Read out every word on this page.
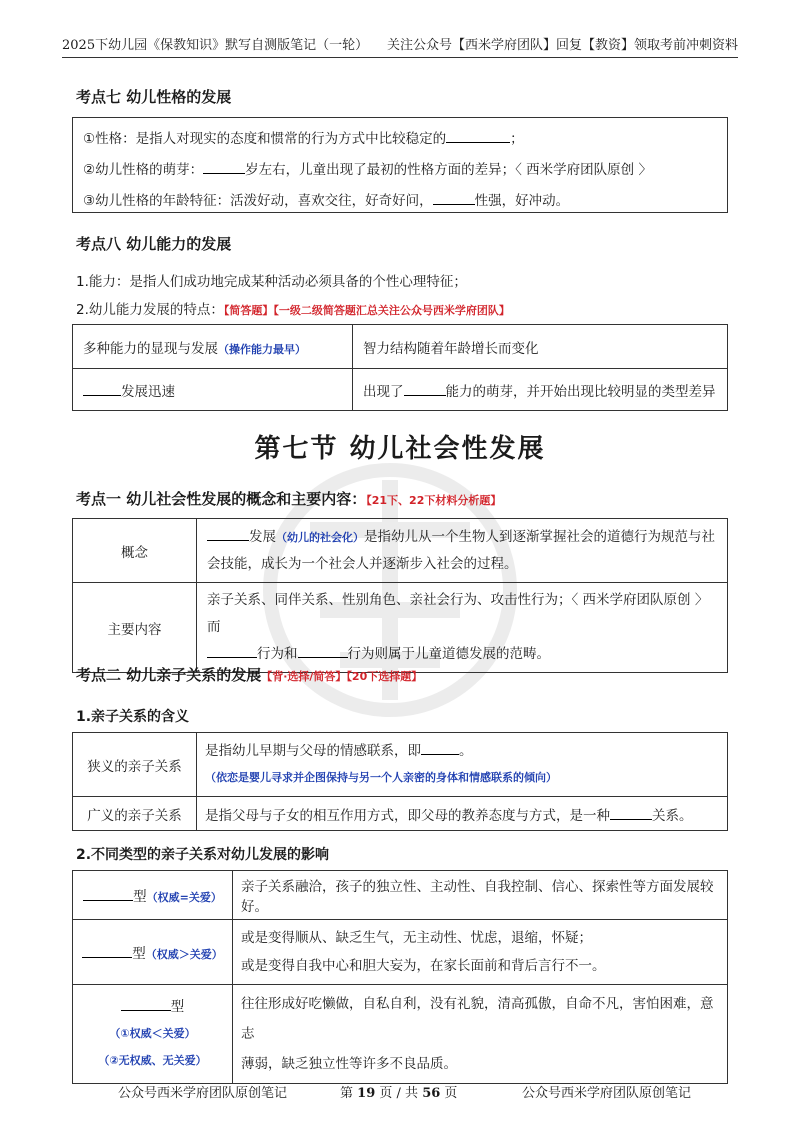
2025下幼儿园《保教知识》默写自测版笔记（一轮） 关注公众号【西米学府团队】回复【教资】领取考前冲刺资料
考点七 幼儿性格的发展

①性格：是指人对现实的态度和惯常的行为方式中比较稳定的	；

②幼儿性格的萌芽：	岁左右，儿童出现了最初的性格方面的差异；〈 西米学府团队原创 〉

③幼儿性格的年龄特征：活泼好动，喜欢交往，好奇好问，	性强，好冲动。

考点八 幼儿能力的发展
1.能力：是指人们成功地完成某种活动必须具备的个性心理特征；
2.幼儿能力发展的特点：【简答题】【一级二级简答题汇总关注公众号西米学府团队】
多种能力的显现与发展（操作能力最早）	智力结构随着年龄增长而变化
发展迅速	出现了 能力的萌芽，并开始出现比较明显的类型差异
第七节 幼儿社会性发展
考点一 幼儿社会性发展的概念和主要内容：【21下、22下材料分析题】
概念	发展（幼儿的社会化）是指幼儿从一个生物人到逐渐掌握社会的道德行为规范与社
会技能，成长为一个社会人并逐渐步入社会的过程。
主要内容	亲子关系、同伴关系、性别角色、亲社会行为、攻击性行为；〈 西米学府团队原创 〉而
行为和 行为则属于儿童道德发展的范畴。
考点二 幼儿亲子关系的发展【背·选择/简答】【20下选择题】
1.亲子关系的含义
狭义的亲子关系	是指幼儿早期与父母的情感联系，即 。
（依恋是婴儿寻求并企图保持与另一个人亲密的身体和情感联系的倾向）
广义的亲子关系	是指父母与子女的相互作用方式，即父母的教养态度与方式，是一种 关系。
2.不同类型的亲子关系对幼儿发展的影响
型（权威=关爱）	亲子关系融洽，孩子的独立性、主动性、自我控制、信心、探索性等方面发展较好。
型（权威＞关爱）	或是变得顺从、缺乏生气，无主动性、忧虑，退缩，怀疑；
或是变得自我中心和胆大妄为，在家长面前和背后言行不一。
型
（①权威＜关爱）
（②无权威、无关爱）	往往形成好吃懒做，自私自利，没有礼貌，清高孤傲，自命不凡，害怕困难，意志
薄弱，缺乏独立性等许多不良品质。
公众号西米学府团队原创笔记	第 19 页 / 共 56 页	公众号西米学府团队原创笔记
